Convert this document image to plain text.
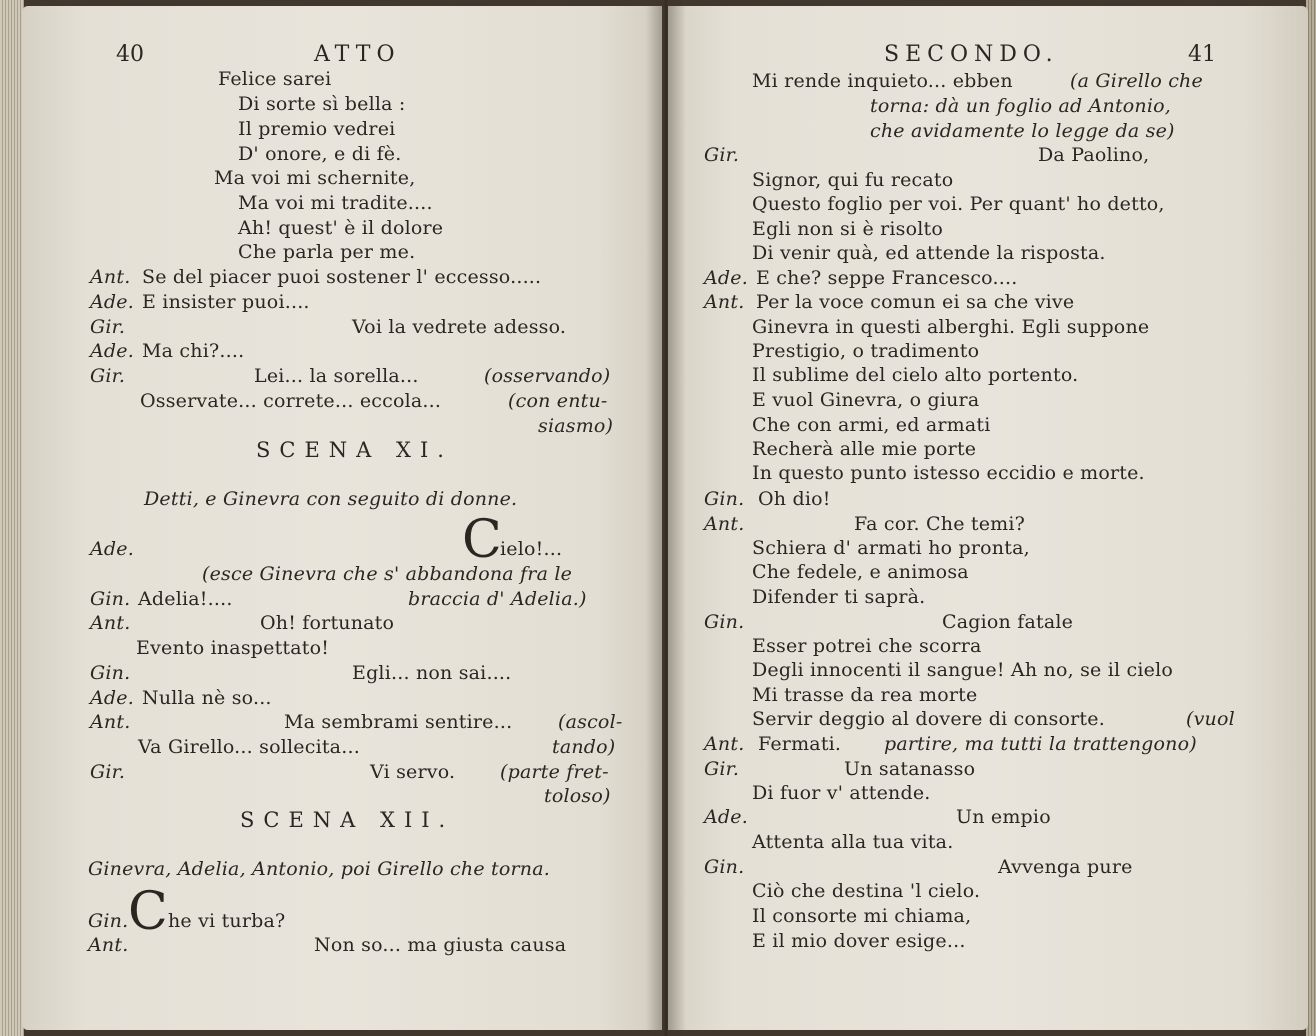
40	ATTO
Felice sarei
Di sorte sì bella :
Il premio vedrei
D' onore, e di fè.
Ma voi mi schernite,
Ma voi mi tradite....
Ah! quest' è il dolore
Che parla per me.
Ant. Se del piacer puoi sostener l' eccesso.....
Ade. E insister puoi....
Gir.	Voi la vedrete adesso.
Ade. Ma chi?....
Gir.	Lei... la sorella...	(osservando)
Osservate... correte... eccola...	(con entu-
siasmo)
SCENA XI.
Detti, e Ginevra con seguito di donne.
Ade.	C
ielo!...
(esce Ginevra che s' abbandona fra le
Gin. Adelia!....	braccia d' Adelia.)
Ant.	Oh! fortunato
Evento inaspettato!
Gin.	Egli... non sai....
Ade. Nulla nè so...
Ant.	Ma sembrami sentire... (ascol-
Va Girello... sollecita...	tando)
Gir.	Vi servo. (parte fret-
toloso)
SCENA XII.
Ginevra, Adelia, Antonio, poi Girello che torna.
Gin. C he vi turba?
Ant.	Non so... ma giusta causa
SECONDO.	41
Mi rende inquieto... ebben	(a Girello che
torna: dà un foglio ad Antonio,
che avidamente lo legge da se)
Gir.	Da Paolino,
Signor, qui fu recato
Questo foglio per voi. Per quant' ho detto,
Egli non si è risolto
Di venir quà, ed attende la risposta.
Ade. E che? seppe Francesco....
Ant. Per la voce comun ei sa che vive
Ginevra in questi alberghi. Egli suppone
Prestigio, o tradimento
Il sublime del cielo alto portento.
E vuol Ginevra, o giura
Che con armi, ed armati
Recherà alle mie porte
In questo punto istesso eccidio e morte.
Gin. Oh dio!
Ant.	Fa cor. Che temi?
Schiera d' armati ho pronta,
Che fedele, e animosa
Difender ti saprà.
Gin.	Cagion fatale
Esser potrei che scorra
Degli innocenti il sangue! Ah no, se il cielo
Mi trasse da rea morte
Servir deggio al dovere di consorte.	(vuol
Ant. Fermati. partire, ma tutti la trattengono)
Gir.	Un satanasso
Di fuor v' attende.
Ade.	Un empio
Attenta alla tua vita.
Gin.	Avvenga pure
Ciò che destina 'l cielo.
Il consorte mi chiama,
E il mio dover esige...
